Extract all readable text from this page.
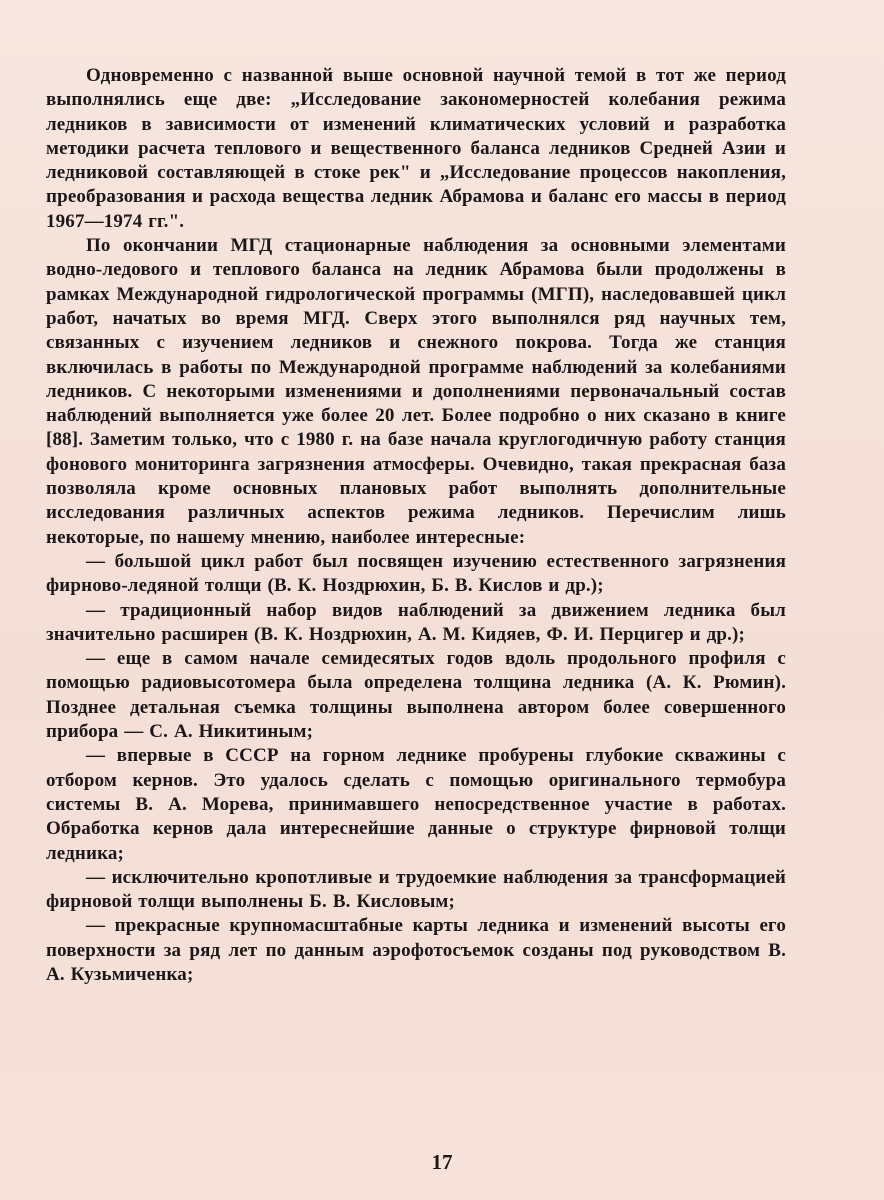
Одновременно с названной выше основной научной темой в тот же период выполнялись еще две: „Исследование закономерностей колебания режима ледников в зависимости от изменений климатических условий и разработка методики расчета теплового и вещественного баланса ледников Средней Азии и ледниковой составляющей в стоке рек" и „Исследование процессов накопления, преобразования и расхода вещества ледник Абрамова и баланс его массы в период 1967—1974 гг.".

По окончании МГД стационарные наблюдения за основными элементами водно-ледового и теплового баланса на ледник Абрамова были продолжены в рамках Международной гидрологической программы (МГП), наследовавшей цикл работ, начатых во время МГД. Сверх этого выполнялся ряд научных тем, связанных с изучением ледников и снежного покрова. Тогда же станция включилась в работы по Международной программе наблюдений за колебаниями ледников. С некоторыми изменениями и дополнениями первоначальный состав наблюдений выполняется уже более 20 лет. Более подробно о них сказано в книге [88]. Заметим только, что с 1980 г. на базе начала круглогодичную работу станция фонового мониторинга загрязнения атмосферы. Очевидно, такая прекрасная база позволяла кроме основных плановых работ выполнять дополнительные исследования различных аспектов режима ледников. Перечислим лишь некоторые, по нашему мнению, наиболее интересные:

— большой цикл работ был посвящен изучению естественного загрязнения фирново-ледяной толщи (В. К. Ноздрюхин, Б. В. Кислов и др.);

— традиционный набор видов наблюдений за движением ледника был значительно расширен (В. К. Ноздрюхин, А. М. Кидяев, Ф. И. Перцигер и др.);

— еще в самом начале семидесятых годов вдоль продольного профиля с помощью радиовысотомера была определена толщина ледника (А. К. Рюмин). Позднее детальная съемка толщины выполнена автором более совершенного прибора — С. А. Никитиным;

— впервые в СССР на горном леднике пробурены глубокие скважины с отбором кернов. Это удалось сделать с помощью оригинального термобура системы В. А. Морева, принимавшего непосредственное участие в работах. Обработка кернов дала интереснейшие данные о структуре фирновой толщи ледника;

— исключительно кропотливые и трудоемкие наблюдения за трансформацией фирновой толщи выполнены Б. В. Кисловым;

— прекрасные крупномасштабные карты ледника и изменений высоты его поверхности за ряд лет по данным аэрофотосъемок созданы под руководством В. А. Кузьмиченка;

17
